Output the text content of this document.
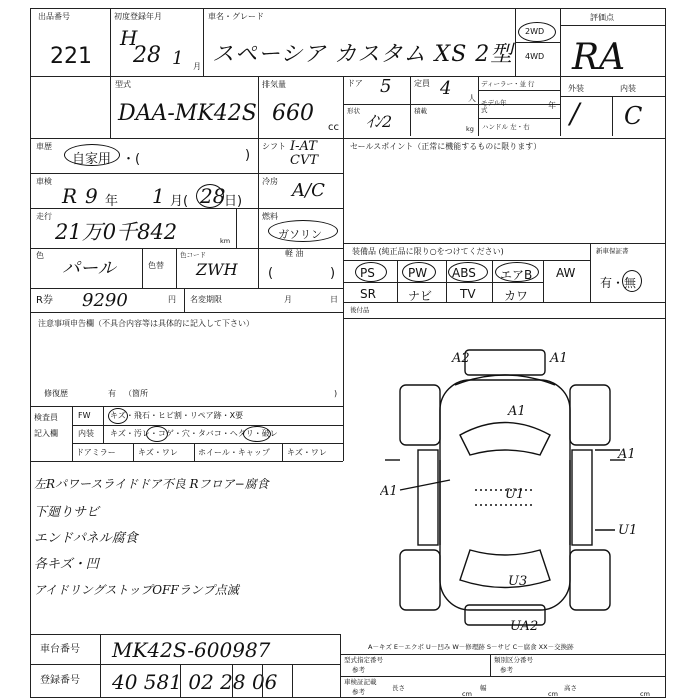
出品番号
221
初度登録年月
H
28 1 月
車名・グレード
スペーシア カスタム XS 2型
2WD
4WD
評価点
RA
型式
DAA-MK42S
排気量
660
cc
ドア 5	定員 4 人
ディーラー・並 行
モデル年式	年
形状
ｲﾝ2
積載
kg ハンドル 左・右
外装	内装
/ C
車歴
自家用 ・(	)
シフト I-AT CVT
セールスポイント（正常に機能するものに限ります）
車検
R 9 年 1 月( 28
日)
冷房 A/C
走行
21万0千842	km
燃料
ガソリン
色
パール	色替
色コード
ZWH
軽 油
(	)
R券 9290	円 名変期限	月	日
装備品 (純正品に限り○をつけてください)	新車保証書
有・無
PS	PW ABS エアB AW
SR	ナビ TV カワ
後付品
注意事項申告欄（不具合内容等は具体的に記入して下さい）
修復歴	有 （箇所	)
検査員
記入欄
FW キズ・飛石・ヒビ割・リペア跡・X要
内装 キズ・汚レ・コゲ・穴・タバコ・ヘタリ・破レ
ドアミラー	キズ・ワレ	ホイール・キャップ キズ・ワレ
左Rパワースライドドア不良 Rフロア−腐食
下廻りサビ
エンドパネル腐食
各キズ・凹
アイドリングストップOFFランプ点滅
A2	A1
A1
A1
A1
U1
U1
U3
UA2
A－キズ E－エクボ U－凹み W－修理跡 S－サビ C－腐食 XX－交換跡
車台番号 MK42S-600987
登録番号 40 581 02 28 06
型式指定番号
参考
類別区分番号
参考
車検証記載
参考	長さ
cm
幅
cm
高さ
cm
